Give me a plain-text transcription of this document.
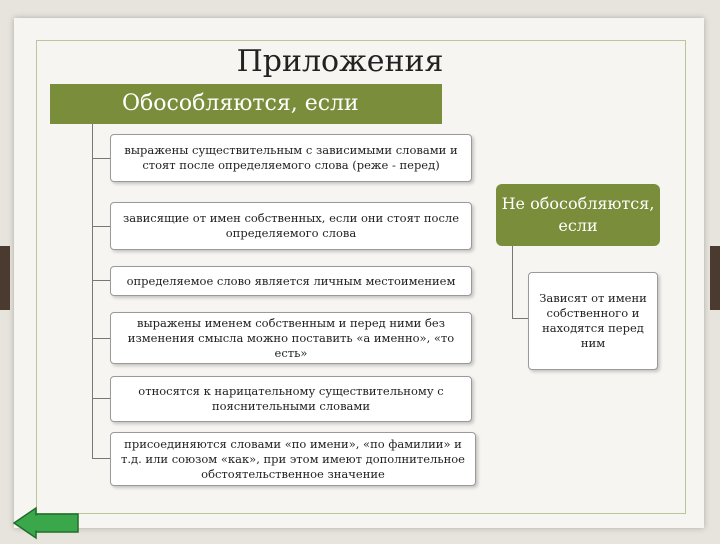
Приложения
Обособляются, если
выражены существительным с зависимыми словами и стоят после определяемого слова (реже - перед)
зависящие от имен собственных, если они стоят после определяемого слова
определяемое слово является личным местоимением
выражены именем собственным и перед ними без изменения смысла можно поставить «а именно», «то есть»
относятся к нарицательному существительному с пояснительными словами
присоединяются словами «по имени», «по фамилии» и т.д. или союзом «как», при этом имеют дополнительное обстоятельственное значение
Не обособляются, если
Зависят от имени собственного и находятся перед ним
